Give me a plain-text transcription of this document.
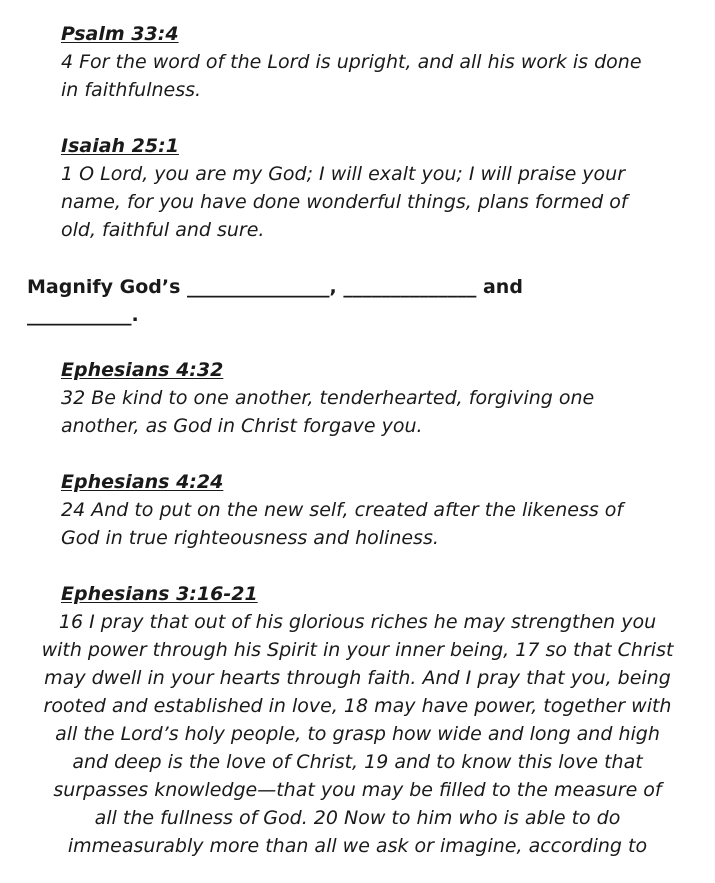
Psalm 33:4
4 For the word of the Lord is upright, and all his work is done
in faithfulness.
Isaiah 25:1
1 O Lord, you are my God; I will exalt you; I will praise your
name, for you have done wonderful things, plans formed of
old, faithful and sure.
Magnify God’s _______________, ______________ and
___________.
Ephesians 4:32
32 Be kind to one another, tenderhearted, forgiving one
another, as God in Christ forgave you.
Ephesians 4:24
24 And to put on the new self, created after the likeness of
God in true righteousness and holiness.
Ephesians 3:16-21
16 I pray that out of his glorious riches he may strengthen you
with power through his Spirit in your inner being, 17 so that Christ
may dwell in your hearts through faith. And I pray that you, being
rooted and established in love, 18 may have power, together with
all the Lord’s holy people, to grasp how wide and long and high
and deep is the love of Christ, 19 and to know this love that
surpasses knowledge—that you may be filled to the measure of
all the fullness of God. 20 Now to him who is able to do
immeasurably more than all we ask or imagine, according to
